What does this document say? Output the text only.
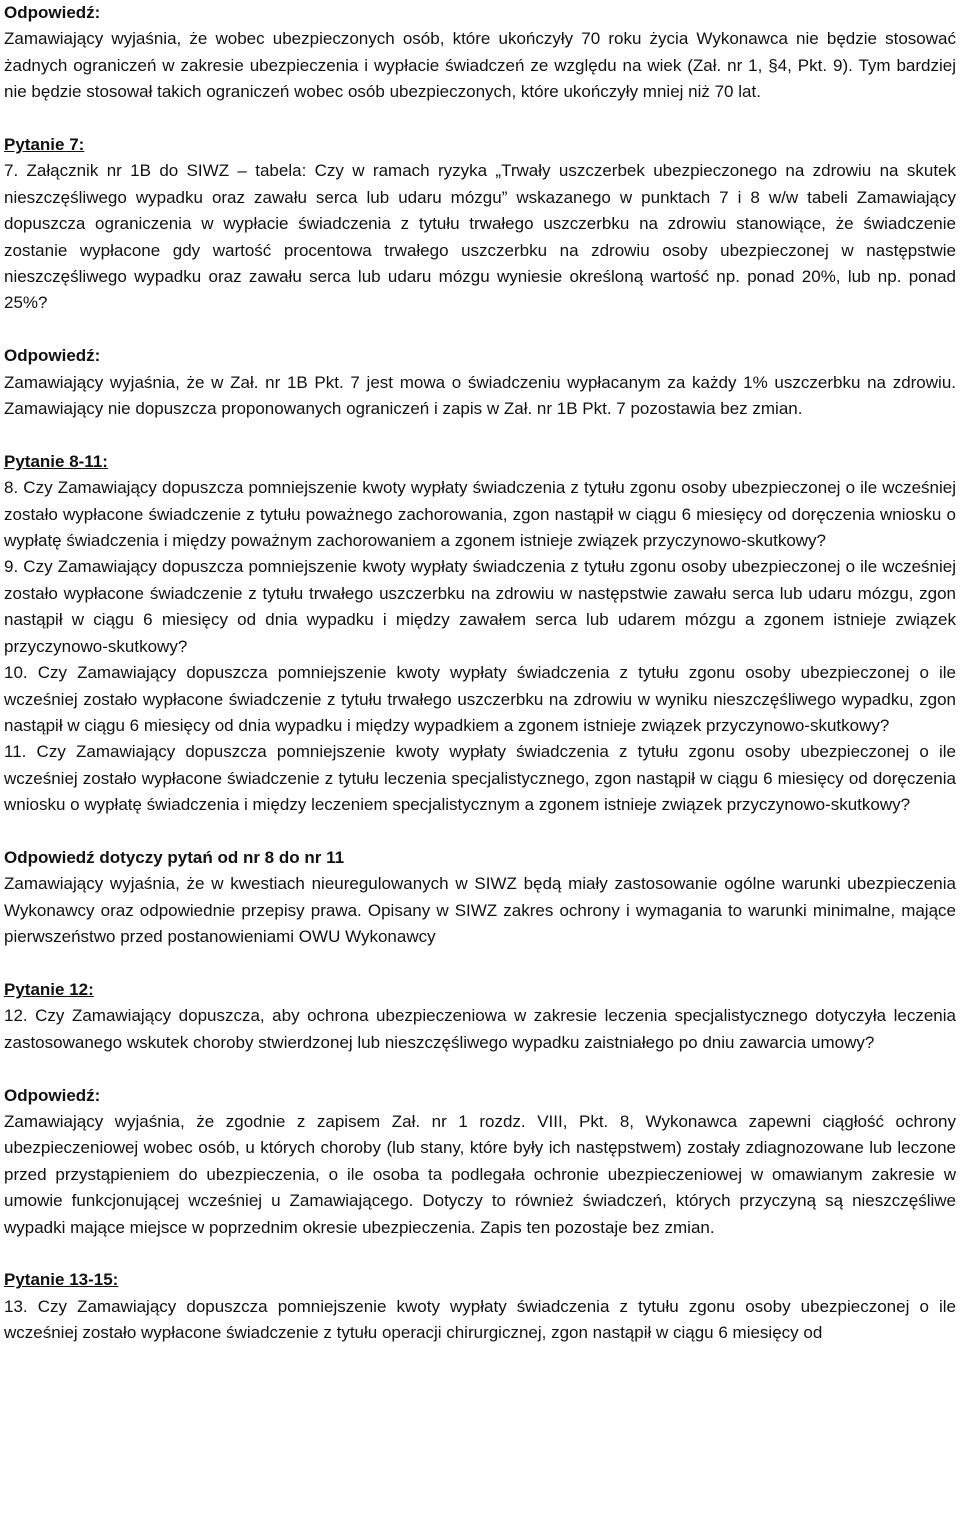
Odpowiedź:

Zamawiający wyjaśnia, że wobec ubezpieczonych osób, które ukończyły 70 roku życia Wykonawca nie będzie stosować żadnych ograniczeń w zakresie ubezpieczenia i wypłacie świadczeń ze względu na wiek (Zał. nr 1, §4, Pkt. 9). Tym bardziej nie będzie stosował takich ograniczeń wobec osób ubezpieczonych, które ukończyły mniej niż 70 lat.

Pytanie 7:

7. Załącznik nr 1B do SIWZ – tabela: Czy w ramach ryzyka „Trwały uszczerbek ubezpieczonego na zdrowiu na skutek nieszczęśliwego wypadku oraz zawału serca lub udaru mózgu” wskazanego w punktach 7 i 8 w/w tabeli Zamawiający dopuszcza ograniczenia w wypłacie świadczenia z tytułu trwałego uszczerbku na zdrowiu stanowiące, że świadczenie zostanie wypłacone gdy wartość procentowa trwałego uszczerbku na zdrowiu osoby ubezpieczonej w następstwie nieszczęśliwego wypadku oraz zawału serca lub udaru mózgu wyniesie określoną wartość np. ponad 20%, lub np. ponad 25%?

Odpowiedź:

Zamawiający wyjaśnia, że w Zał. nr 1B Pkt. 7 jest mowa o świadczeniu wypłacanym za każdy 1% uszczerbku na zdrowiu. Zamawiający nie dopuszcza proponowanych ograniczeń i zapis w Zał. nr 1B Pkt. 7 pozostawia bez zmian.

Pytanie 8-11:

8. Czy Zamawiający dopuszcza pomniejszenie kwoty wypłaty świadczenia z tytułu zgonu osoby ubezpieczonej o ile wcześniej zostało wypłacone świadczenie z tytułu poważnego zachorowania, zgon nastąpił w ciągu 6 miesięcy od doręczenia wniosku o wypłatę świadczenia i między poważnym zachorowaniem a zgonem istnieje związek przyczynowo-skutkowy?

9. Czy Zamawiający dopuszcza pomniejszenie kwoty wypłaty świadczenia z tytułu zgonu osoby ubezpieczonej o ile wcześniej zostało wypłacone świadczenie z tytułu trwałego uszczerbku na zdrowiu w następstwie zawału serca lub udaru mózgu, zgon nastąpił w ciągu 6 miesięcy od dnia wypadku i między zawałem serca lub udarem mózgu a zgonem istnieje związek przyczynowo-skutkowy?

10. Czy Zamawiający dopuszcza pomniejszenie kwoty wypłaty świadczenia z tytułu zgonu osoby ubezpieczonej o ile wcześniej zostało wypłacone świadczenie z tytułu trwałego uszczerbku na zdrowiu w wyniku nieszczęśliwego wypadku, zgon nastąpił w ciągu 6 miesięcy od dnia wypadku i między wypadkiem a zgonem istnieje związek przyczynowo-skutkowy?

11. Czy Zamawiający dopuszcza pomniejszenie kwoty wypłaty świadczenia z tytułu zgonu osoby ubezpieczonej o ile wcześniej zostało wypłacone świadczenie z tytułu leczenia specjalistycznego, zgon nastąpił w ciągu 6 miesięcy od doręczenia wniosku o wypłatę świadczenia i między leczeniem specjalistycznym a zgonem istnieje związek przyczynowo-skutkowy?

Odpowiedź dotyczy pytań od nr 8 do nr 11

Zamawiający wyjaśnia, że w kwestiach nieuregulowanych w SIWZ będą miały zastosowanie ogólne warunki ubezpieczenia Wykonawcy oraz odpowiednie przepisy prawa. Opisany w SIWZ zakres ochrony i wymagania to warunki minimalne, mające pierwszeństwo przed postanowieniami OWU Wykonawcy

Pytanie 12:

12. Czy Zamawiający dopuszcza, aby ochrona ubezpieczeniowa w zakresie leczenia specjalistycznego dotyczyła leczenia zastosowanego wskutek choroby stwierdzonej lub nieszczęśliwego wypadku zaistniałego po dniu zawarcia umowy?

Odpowiedź:

Zamawiający wyjaśnia, że zgodnie z zapisem Zał. nr 1 rozdz. VIII, Pkt. 8, Wykonawca zapewni ciągłość ochrony ubezpieczeniowej wobec osób, u których choroby (lub stany, które były ich następstwem) zostały zdiagnozowane lub leczone przed przystąpieniem do ubezpieczenia, o ile osoba ta podlegała ochronie ubezpieczeniowej w omawianym zakresie w umowie funkcjonującej wcześniej u Zamawiającego. Dotyczy to również świadczeń, których przyczyną są nieszczęśliwe wypadki mające miejsce w poprzednim okresie ubezpieczenia. Zapis ten pozostaje bez zmian.

Pytanie 13-15:

13. Czy Zamawiający dopuszcza pomniejszenie kwoty wypłaty świadczenia z tytułu zgonu osoby ubezpieczonej o ile wcześniej zostało wypłacone świadczenie z tytułu operacji chirurgicznej, zgon nastąpił w ciągu 6 miesięcy od
